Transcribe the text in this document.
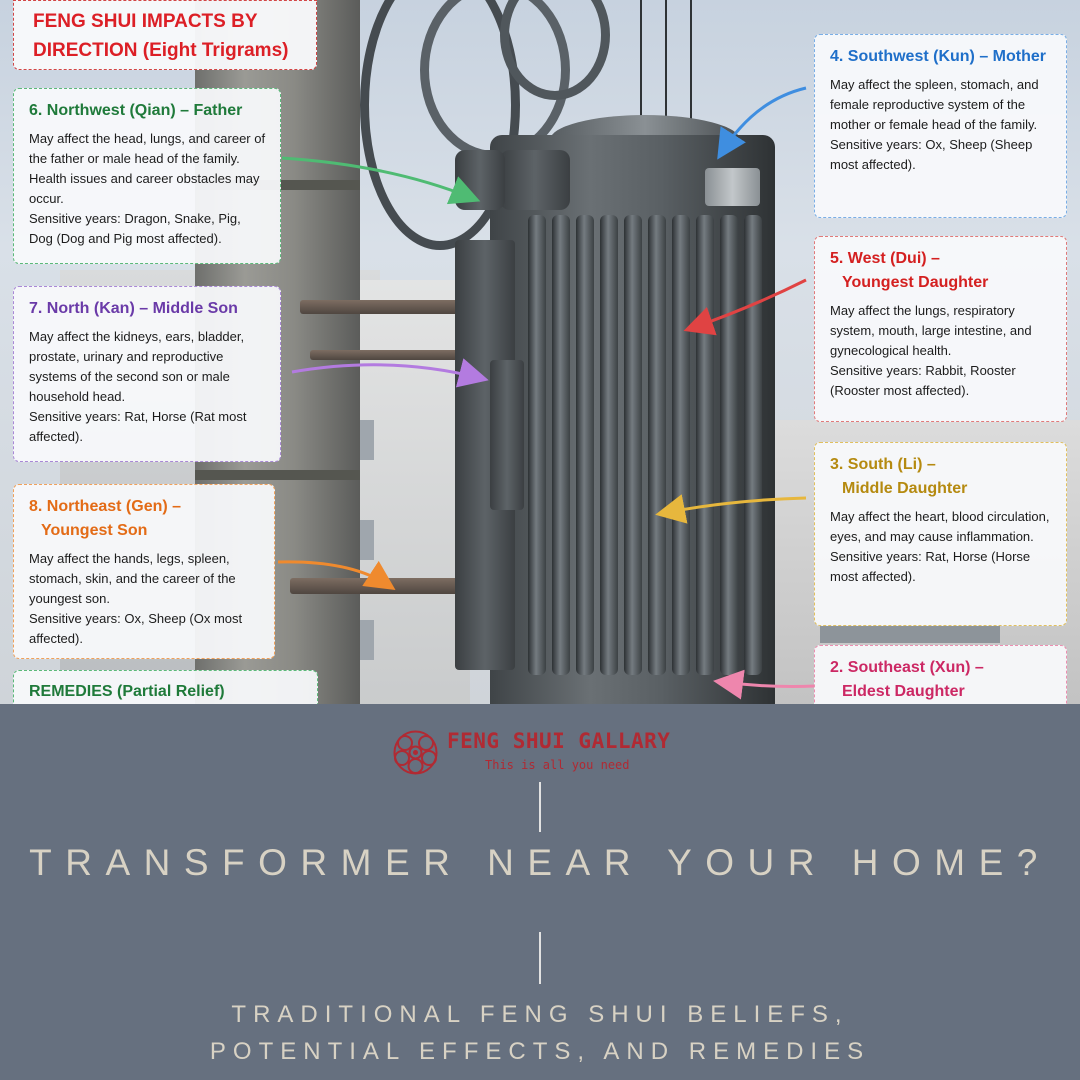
FENG SHUI IMPACTS BY
DIRECTION (Eight Trigrams)
6. Northwest (Qian) – Father

May affect the head, lungs, and career of the father or male head of the family. Health issues and career obstacles may occur.

Sensitive years: Dragon, Snake, Pig, Dog (Dog and Pig most affected).

7. North (Kan) – Middle Son

May affect the kidneys, ears, bladder, prostate, urinary and reproductive systems of the second son or male household head.

Sensitive years: Rat, Horse (Rat most affected).

8. Northeast (Gen) –
Youngest Son

May affect the hands, legs, spleen, stomach, skin, and the career of the youngest son.

Sensitive years: Ox, Sheep (Ox most affected).

REMEDIES (Partial Relief)
4. Southwest (Kun) – Mother

May affect the spleen, stomach, and female reproductive system of the mother or female head of the family.

Sensitive years: Ox, Sheep (Sheep most affected).

5. West (Dui) –
Youngest Daughter

May affect the lungs, respiratory system, mouth, large intestine, and gynecological health.

Sensitive years: Rabbit, Rooster (Rooster most affected).

3. South (Li) –
Middle Daughter

May affect the heart, blood circulation, eyes, and may cause inflammation.

Sensitive years: Rat, Horse (Horse most affected).

2. Southeast (Xun) –
Eldest Daughter
FENG SHUI GALLARY
This is all you need
TRANSFORMER NEAR YOUR HOME?
TRADITIONAL FENG SHUI BELIEFS,
POTENTIAL EFFECTS, AND REMEDIES
